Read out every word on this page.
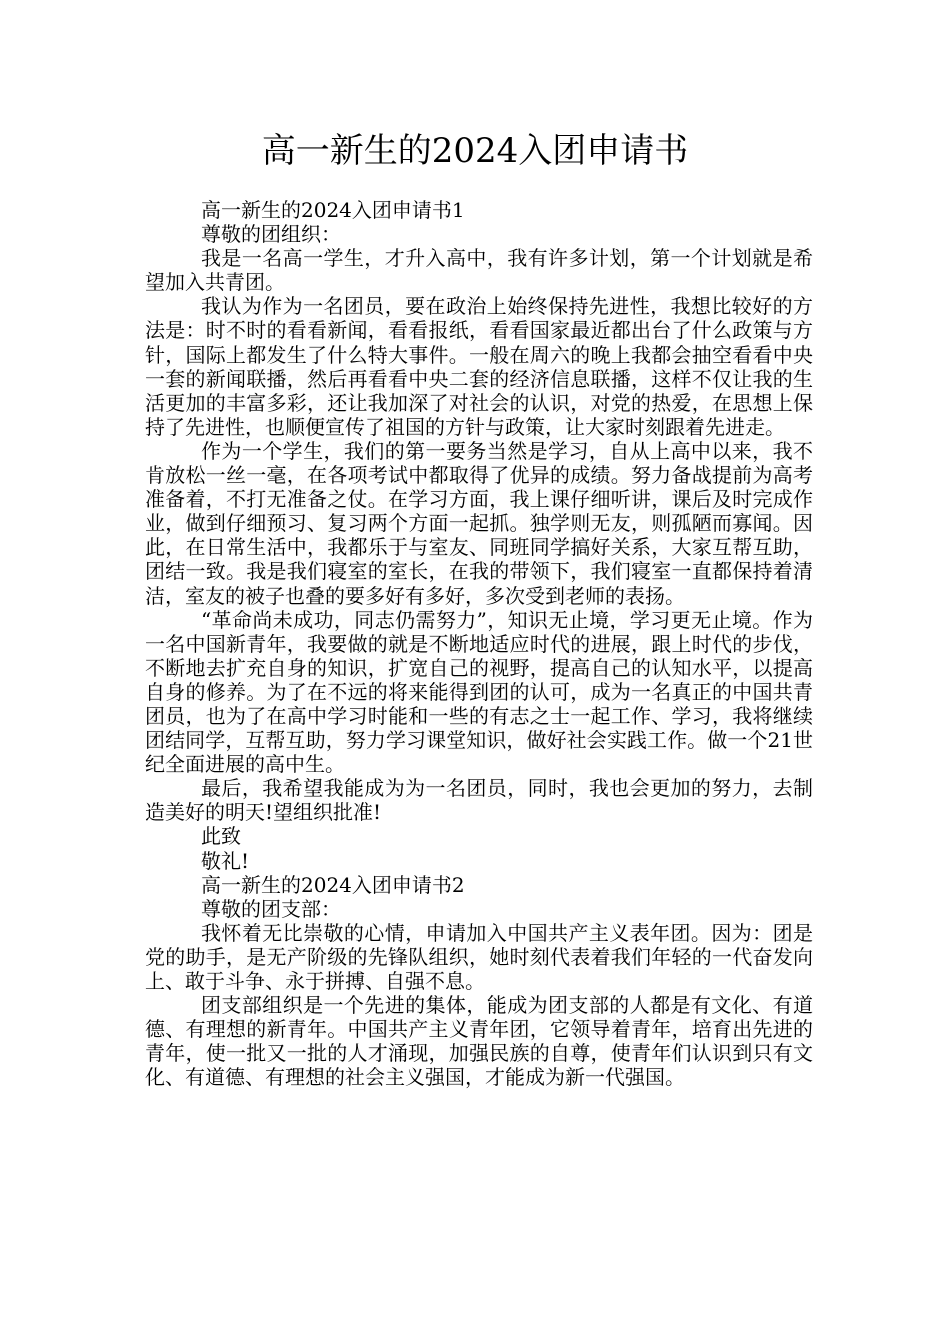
高一新生的2024入团申请书

高一新生的2024入团申请书1

尊敬的团组织：

我是一名高一学生，才升入高中，我有许多计划，第一个计划就是希望加入共青团。

我认为作为一名团员，要在政治上始终保持先进性，我想比较好的方法是：时不时的看看新闻，看看报纸，看看国家最近都出台了什么政策与方针，国际上都发生了什么特大事件。一般在周六的晚上我都会抽空看看中央一套的新闻联播，然后再看看中央二套的经济信息联播，这样不仅让我的生活更加的丰富多彩，还让我加深了对社会的认识，对党的热爱，在思想上保持了先进性，也顺便宣传了祖国的方针与政策，让大家时刻跟着先进走。

作为一个学生，我们的第一要务当然是学习，自从上高中以来，我不肯放松一丝一毫，在各项考试中都取得了优异的成绩。努力备战提前为高考准备着，不打无准备之仗。在学习方面，我上课仔细听讲，课后及时完成作业，做到仔细预习、复习两个方面一起抓。独学则无友，则孤陋而寡闻。因此，在日常生活中，我都乐于与室友、同班同学搞好关系，大家互帮互助，团结一致。我是我们寝室的室长，在我的带领下，我们寝室一直都保持着清洁，室友的被子也叠的要多好有多好，多次受到老师的表扬。

“革命尚未成功，同志仍需努力”，知识无止境，学习更无止境。作为一名中国新青年，我要做的就是不断地适应时代的进展，跟上时代的步伐，不断地去扩充自身的知识，扩宽自己的视野，提高自己的认知水平，以提高自身的修养。为了在不远的将来能得到团的认可，成为一名真正的中国共青团员，也为了在高中学习时能和一些的有志之士一起工作、学习，我将继续团结同学，互帮互助，努力学习课堂知识，做好社会实践工作。做一个21世纪全面进展的高中生。

最后，我希望我能成为为一名团员，同时，我也会更加的努力，去制造美好的明天!望组织批准!

此致

敬礼!

高一新生的2024入团申请书2

尊敬的团支部：

我怀着无比崇敬的心情，申请加入中国共产主义表年团。因为：团是党的助手，是无产阶级的先锋队组织，她时刻代表着我们年轻的一代奋发向上、敢于斗争、永于拼搏、自强不息。

团支部组织是一个先进的集体，能成为团支部的人都是有文化、有道德、有理想的新青年。中国共产主义青年团，它领导着青年，培育出先进的青年，使一批又一批的人才涌现，加强民族的自尊，使青年们认识到只有文化、有道德、有理想的社会主义强国，才能成为新一代强国。
